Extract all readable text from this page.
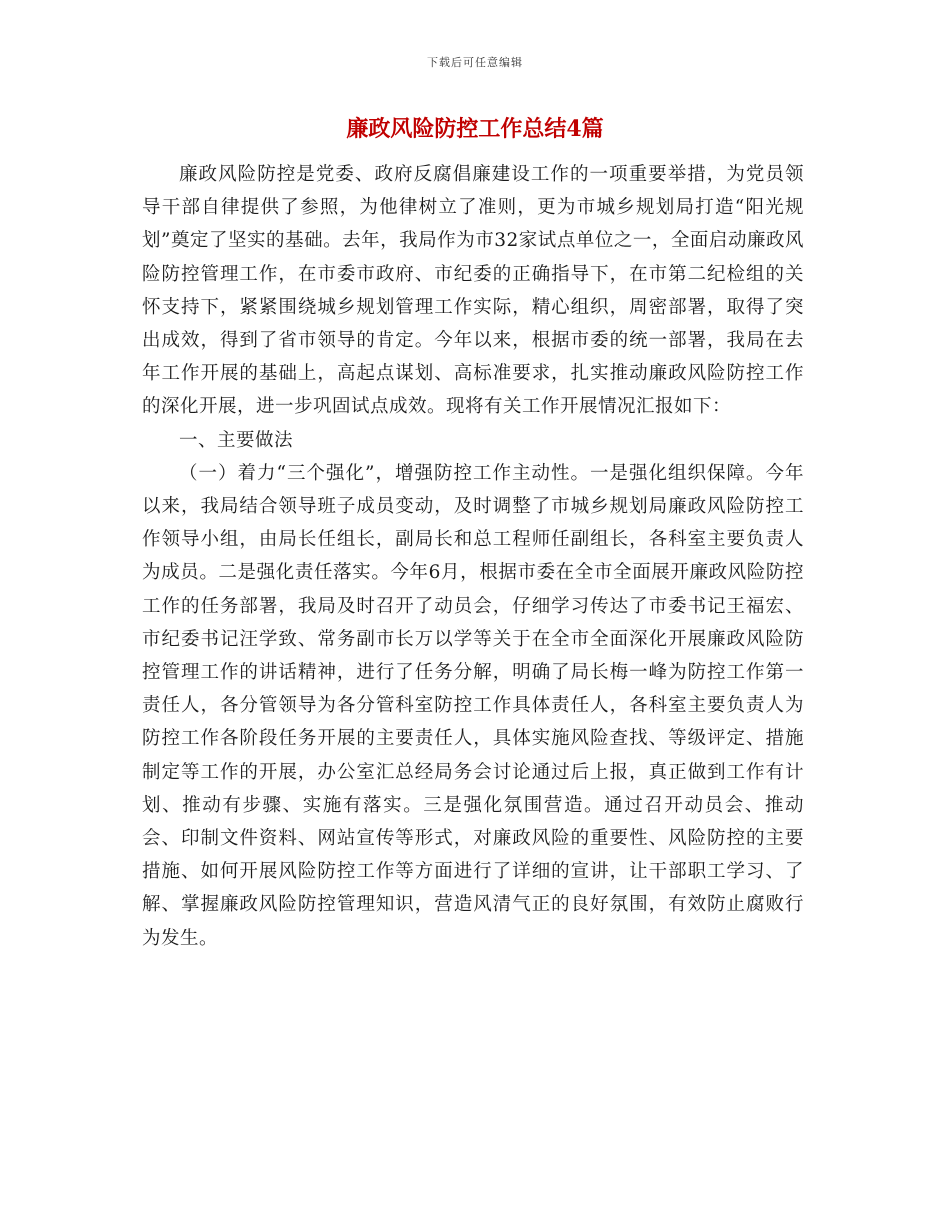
下载后可任意编辑
廉政风险防控工作总结4篇

廉政风险防控是党委、政府反腐倡廉建设工作的一项重要举措，为党员领导干部自律提供了参照，为他律树立了准则，更为市城乡规划局打造“阳光规划”奠定了坚实的基础。去年，我局作为市32家试点单位之一，全面启动廉政风险防控管理工作，在市委市政府、市纪委的正确指导下，在市第二纪检组的关怀支持下，紧紧围绕城乡规划管理工作实际，精心组织，周密部署，取得了突出成效，得到了省市领导的肯定。今年以来，根据市委的统一部署，我局在去年工作开展的基础上，高起点谋划、高标准要求，扎实推动廉政风险防控工作的深化开展，进一步巩固试点成效。现将有关工作开展情况汇报如下：

一、主要做法

（一）着力“三个强化”，增强防控工作主动性。一是强化组织保障。今年以来，我局结合领导班子成员变动，及时调整了市城乡规划局廉政风险防控工作领导小组，由局长任组长，副局长和总工程师任副组长，各科室主要负责人为成员。二是强化责任落实。今年6月，根据市委在全市全面展开廉政风险防控工作的任务部署，我局及时召开了动员会，仔细学习传达了市委书记王福宏、市纪委书记汪学致、常务副市长万以学等关于在全市全面深化开展廉政风险防控管理工作的讲话精神，进行了任务分解，明确了局长梅一峰为防控工作第一责任人，各分管领导为各分管科室防控工作具体责任人，各科室主要负责人为防控工作各阶段任务开展的主要责任人，具体实施风险查找、等级评定、措施制定等工作的开展，办公室汇总经局务会讨论通过后上报，真正做到工作有计划、推动有步骤、实施有落实。三是强化氛围营造。通过召开动员会、推动会、印制文件资料、网站宣传等形式，对廉政风险的重要性、风险防控的主要措施、如何开展风险防控工作等方面进行了详细的宣讲，让干部职工学习、了解、掌握廉政风险防控管理知识，营造风清气正的良好氛围，有效防止腐败行为发生。
